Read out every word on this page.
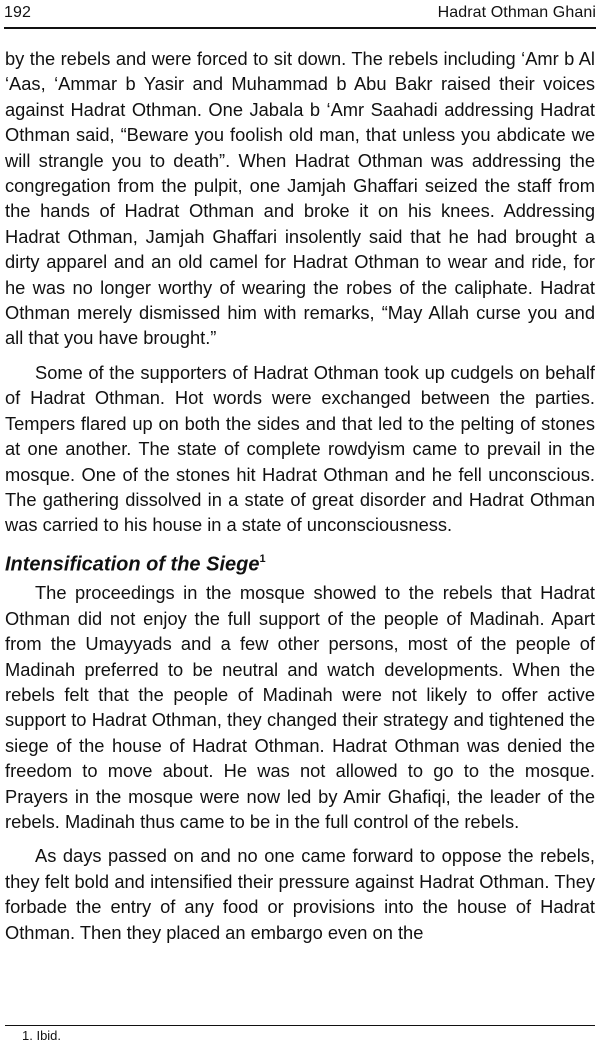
192	Hadrat Othman Ghani

by the rebels and were forced to sit down. The rebels including ‘Amr b Al ‘Aas, ‘Ammar b Yasir and Muhammad b Abu Bakr raised their voices against Hadrat Othman. One Jabala b ‘Amr Saahadi addressing Hadrat Othman said, “Beware you foolish old man, that unless you abdicate we will strangle you to death”. When Hadrat Othman was addressing the congregation from the pulpit, one Jamjah Ghaffari seized the staff from the hands of Hadrat Othman and broke it on his knees. Addressing Hadrat Othman, Jamjah Ghaffari insolently said that he had brought a dirty apparel and an old camel for Hadrat Othman to wear and ride, for he was no longer worthy of wearing the robes of the caliphate. Hadrat Othman merely dismissed him with remarks, “May Allah curse you and all that you have brought.”

Some of the supporters of Hadrat Othman took up cudgels on behalf of Hadrat Othman. Hot words were exchanged between the parties. Tempers flared up on both the sides and that led to the pelting of stones at one another. The state of complete rowdyism came to prevail in the mosque. One of the stones hit Hadrat Othman and he fell unconscious. The gathering dissolved in a state of great disorder and Hadrat Othman was carried to his house in a state of unconsciousness.

Intensification of the Siege$^1$

The proceedings in the mosque showed to the rebels that Hadrat Othman did not enjoy the full support of the people of Madinah. Apart from the Umayyads and a few other persons, most of the people of Madinah preferred to be neutral and watch developments. When the rebels felt that the people of Madinah were not likely to offer active support to Hadrat Othman, they changed their strategy and tightened the siege of the house of Hadrat Othman. Hadrat Othman was denied the freedom to move about. He was not allowed to go to the mosque. Prayers in the mosque were now led by Amir Ghafiqi, the leader of the rebels. Madinah thus came to be in the full control of the rebels.

As days passed on and no one came forward to oppose the rebels, they felt bold and intensified their pressure against Hadrat Othman. They forbade the entry of any food or provisions into the house of Hadrat Othman. Then they placed an embargo even on the

1. Ibid.
